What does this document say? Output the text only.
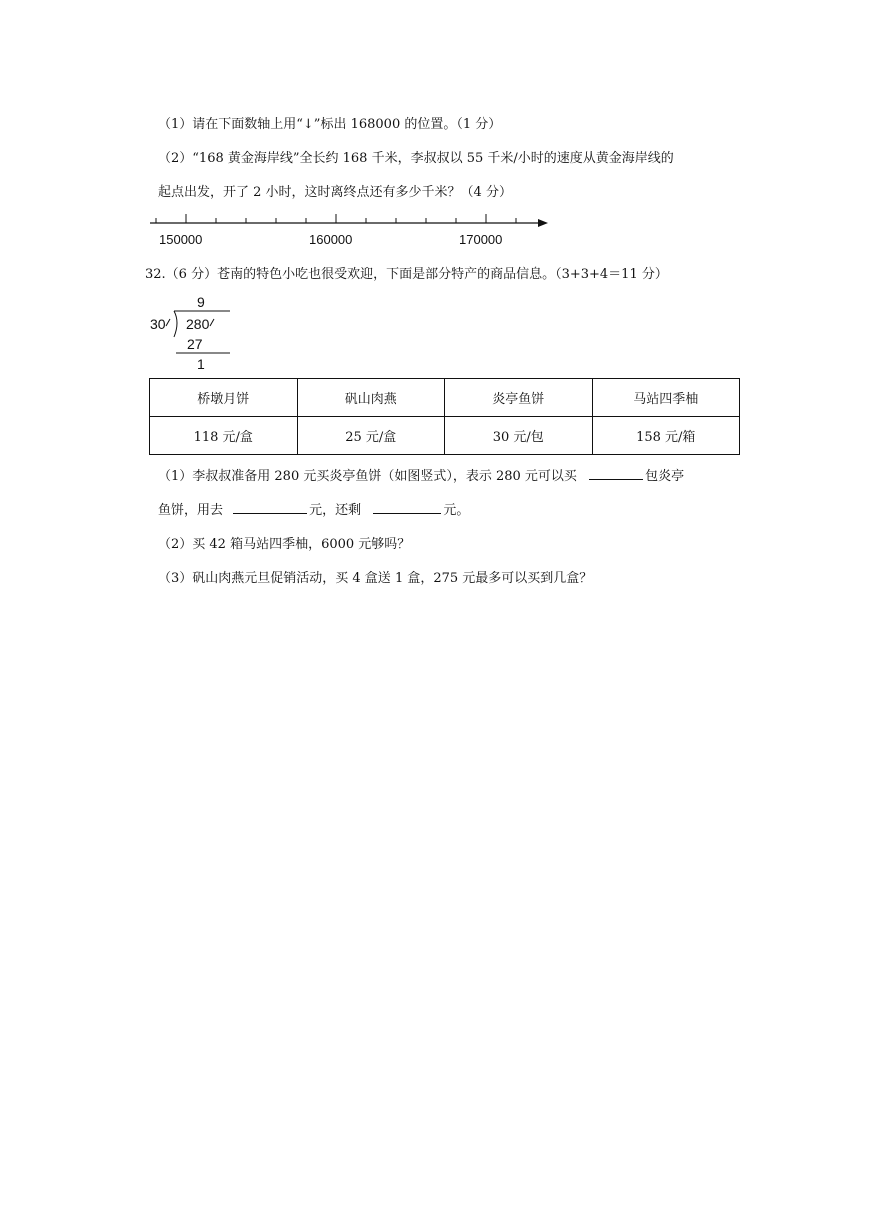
（1）请在下面数轴上用“↓”标出 168000 的位置。（1 分）
（2）“168 黄金海岸线”全长约 168 千米，李叔叔以 55 千米/小时的速度从黄金海岸线的
起点出发，开了 2 小时，这时离终点还有多少千米？（4 分）
150000	160000	170000
32.（6 分）苍南的特色小吃也很受欢迎，下面是部分特产的商品信息。（3+3+4＝11 分）
9
30 280
27
1
桥墩月饼	矾山肉燕	炎亭鱼饼	马站四季柚
118 元/盒	25 元/盒	30 元/包	158 元/箱
（1）李叔叔准备用 280 元买炎亭鱼饼（如图竖式），表示 280 元可以买	包炎亭
鱼饼，用去	元，还剩	元。
（2）买 42 箱马站四季柚，6000 元够吗？
（3）矾山肉燕元旦促销活动，买 4 盒送 1 盒，275 元最多可以买到几盒？
